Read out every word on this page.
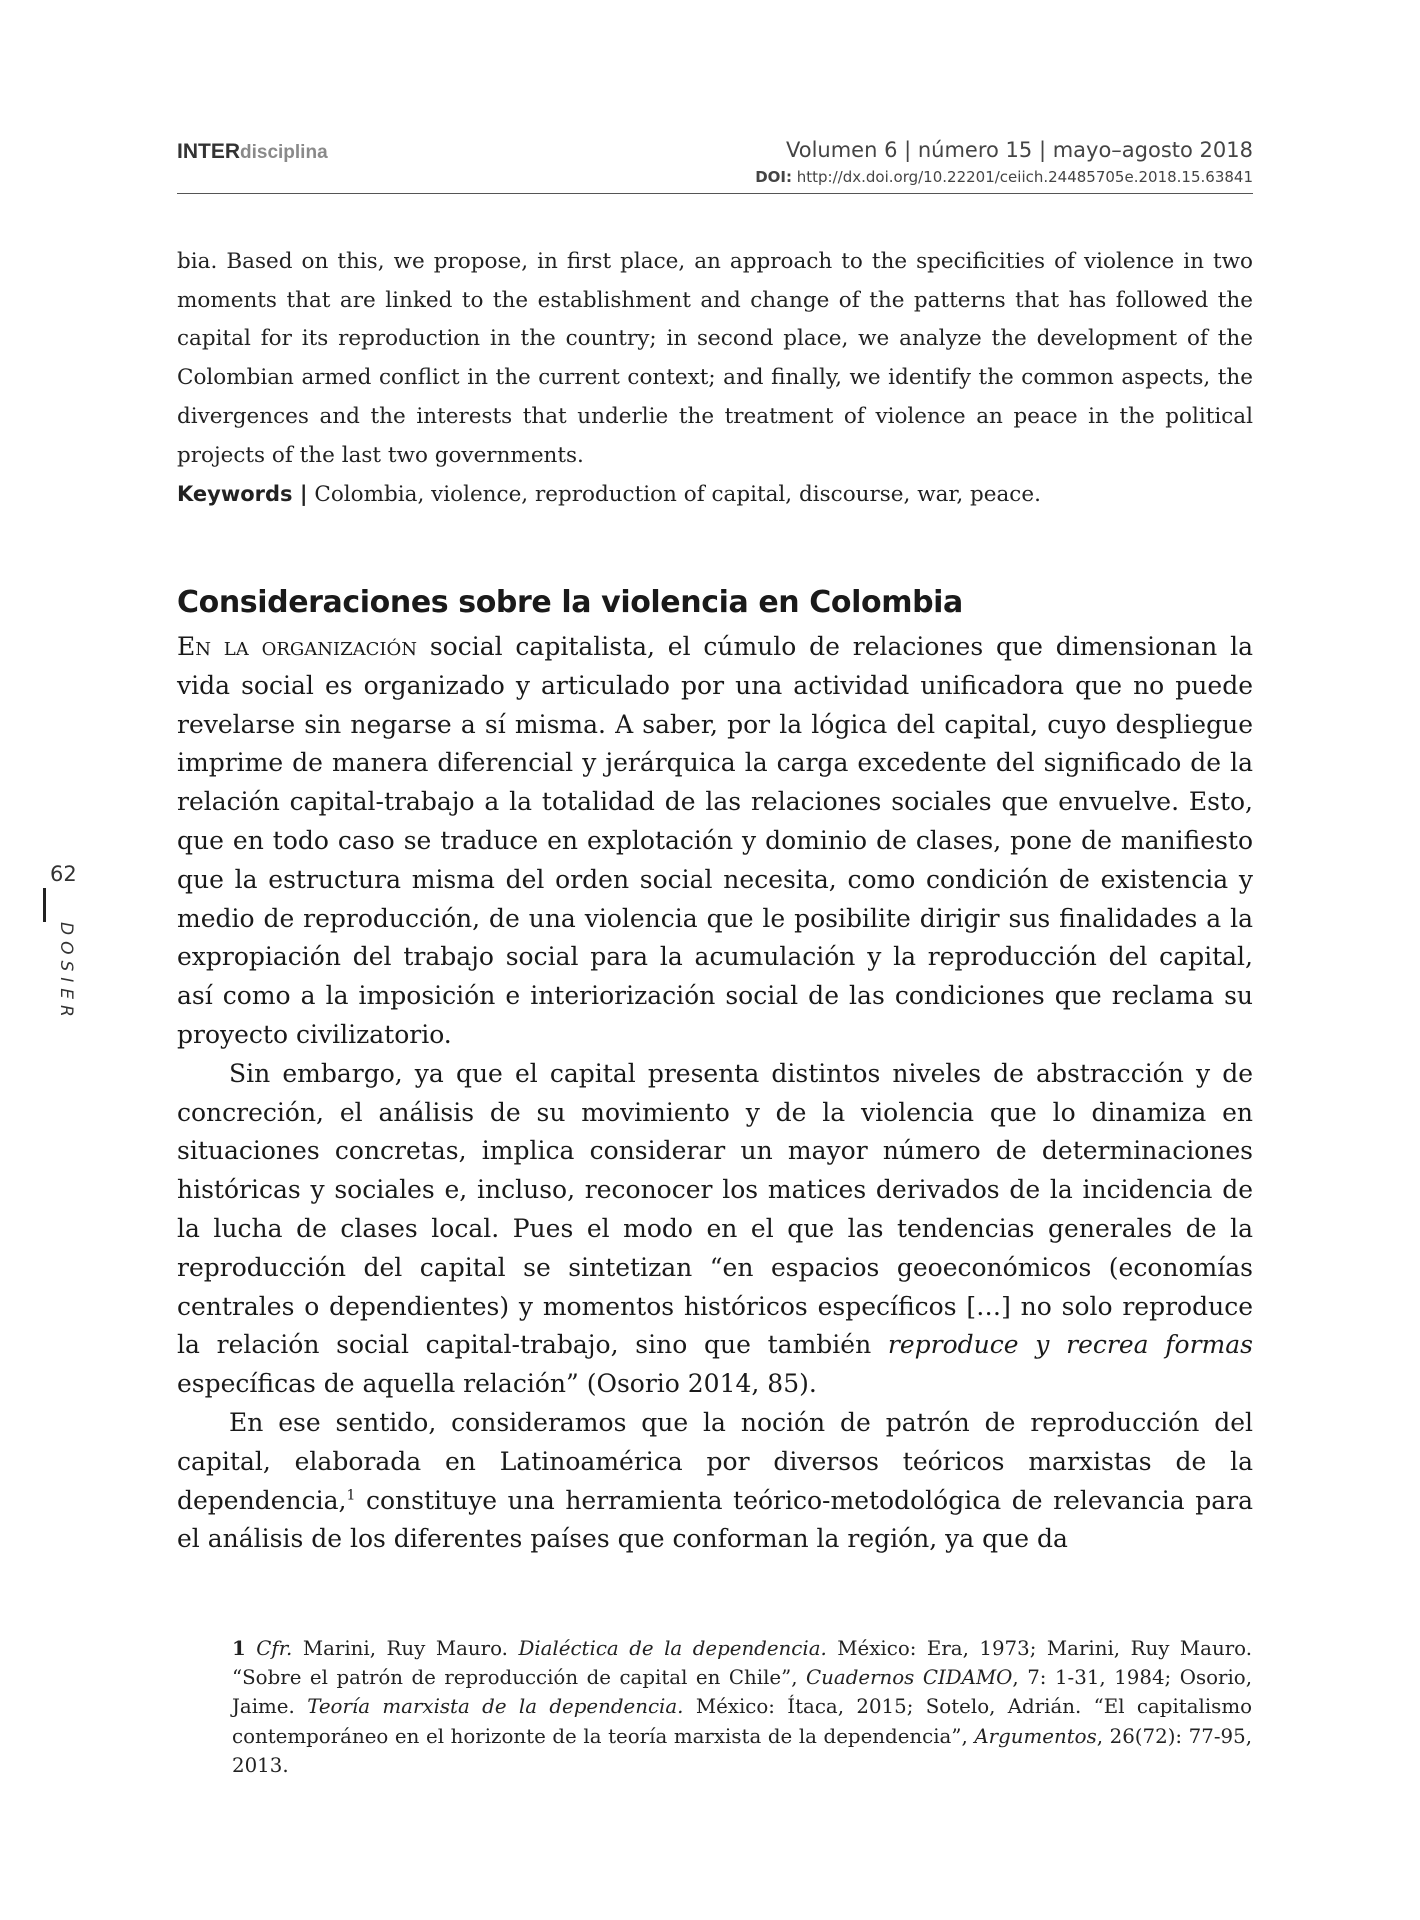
INTERdisciplina	Volumen 6 | número 15 | mayo–agosto 2018
DOI: http://dx.doi.org/10.22201/ceiich.24485705e.2018.15.63841

bia. Based on this, we propose, in first place, an approach to the specificities of violence in two moments that are linked to the establishment and change of the patterns that has followed the capital for its reproduction in the country; in second place, we analyze the development of the Colombian armed conflict in the current context; and finally, we identify the common aspects, the divergences and the interests that underlie the treatment of violence an peace in the political projects of the last two governments.

Keywords | Colombia, violence, reproduction of capital, discourse, war, peace.

Consideraciones sobre la violencia en Colombia

En la organización social capitalista, el cúmulo de relaciones que dimensionan la vida social es organizado y articulado por una actividad unificadora que no puede revelarse sin negarse a sí misma. A saber, por la lógica del capital, cuyo despliegue imprime de manera diferencial y jerárquica la carga excedente del significado de la relación capital-trabajo a la totalidad de las relaciones sociales que envuelve. Esto, que en todo caso se traduce en explotación y dominio de clases, pone de manifiesto que la estructura misma del orden social necesita, como condición de existencia y medio de reproducción, de una violencia que le posibilite dirigir sus finalidades a la expropiación del trabajo social para la acumulación y la reproducción del capital, así como a la imposición e interiorización social de las condiciones que reclama su proyecto civilizatorio.

Sin embargo, ya que el capital presenta distintos niveles de abstracción y de concreción, el análisis de su movimiento y de la violencia que lo dinamiza en situaciones concretas, implica considerar un mayor número de determinaciones históricas y sociales e, incluso, reconocer los matices derivados de la incidencia de la lucha de clases local. Pues el modo en el que las tendencias generales de la reproducción del capital se sintetizan “en espacios geoeconómicos (economías centrales o dependientes) y momentos históricos específicos […] no solo reproduce la relación social capital-trabajo, sino que también reproduce y recrea formas específicas de aquella relación” (Osorio 2014, 85).

En ese sentido, consideramos que la noción de patrón de reproducción del capital, elaborada en Latinoamérica por diversos teóricos marxistas de la dependencia,$^1$ constituye una herramienta teórico-metodológica de relevancia para el análisis de los diferentes países que conforman la región, ya que da

62
DOSIER

1 Cfr. Marini, Ruy Mauro. Dialéctica de la dependencia. México: Era, 1973; Marini, Ruy Mauro. “Sobre el patrón de reproducción de capital en Chile”, Cuadernos CIDAMO, 7: 1-31, 1984; Osorio, Jaime. Teoría marxista de la dependencia. México: Ítaca, 2015; Sotelo, Adrián. “El capitalismo contemporáneo en el horizonte de la teoría marxista de la dependencia”, Argumentos, 26(72): 77-95, 2013.
